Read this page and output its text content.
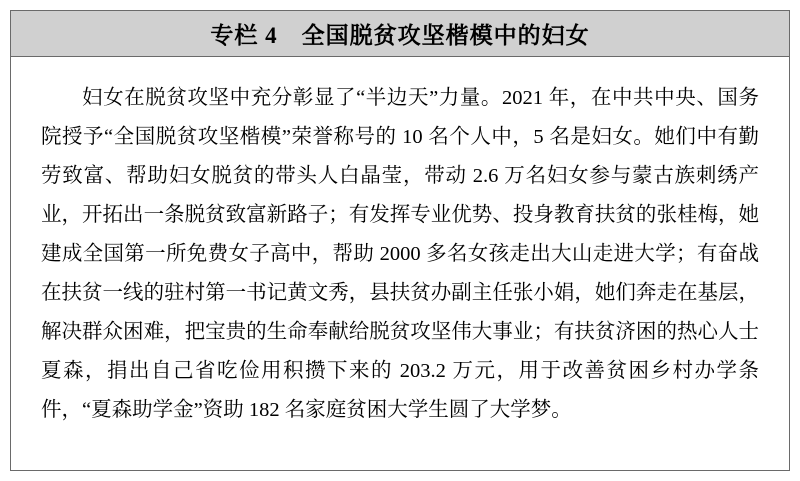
专栏 4　全国脱贫攻坚楷模中的妇女

妇女在脱贫攻坚中充分彰显了“半边天”力量。2021 年，在中共中央、国务院授予“全国脱贫攻坚楷模”荣誉称号的 10 名个人中，5 名是妇女。她们中有勤劳致富、帮助妇女脱贫的带头人白晶莹，带动 2.6 万名妇女参与蒙古族刺绣产业，开拓出一条脱贫致富新路子；有发挥专业优势、投身教育扶贫的张桂梅，她建成全国第一所免费女子高中，帮助 2000 多名女孩走出大山走进大学；有奋战在扶贫一线的驻村第一书记黄文秀，县扶贫办副主任张小娟，她们奔走在基层，解决群众困难，把宝贵的生命奉献给脱贫攻坚伟大事业；有扶贫济困的热心人士夏森，捐出自己省吃俭用积攒下来的 203.2 万元，用于改善贫困乡村办学条件，“夏森助学金”资助 182 名家庭贫困大学生圆了大学梦。
